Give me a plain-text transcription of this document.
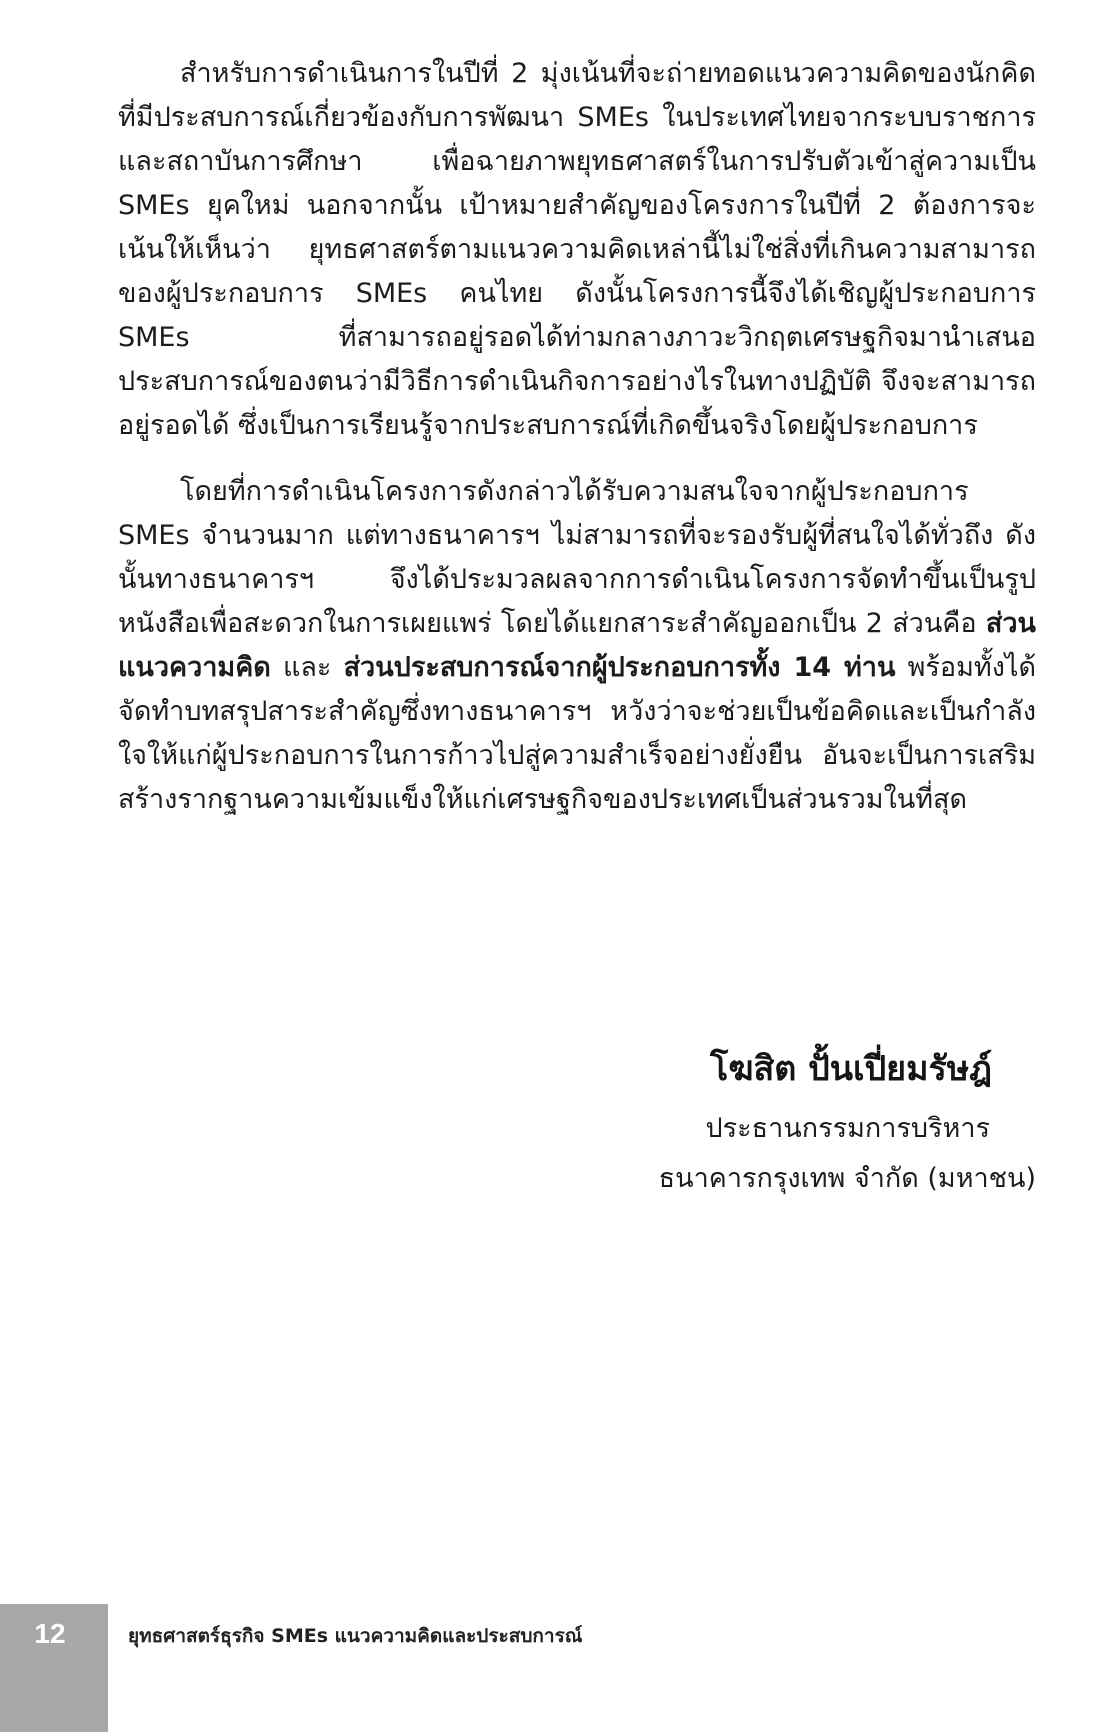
สำหรับการดำเนินการในปีที่ 2 มุ่งเน้นที่จะถ่ายทอดแนวความคิดของนักคิดที่มีประสบการณ์เกี่ยวข้องกับการพัฒนา SMEs ในประเทศไทยจากระบบราชการและสถาบันการศึกษา เพื่อฉายภาพยุทธศาสตร์ในการปรับตัวเข้าสู่ความเป็น SMEs ยุคใหม่ นอกจากนั้น เป้าหมายสำคัญของโครงการในปีที่ 2 ต้องการจะเน้นให้เห็นว่า ยุทธศาสตร์ตามแนวความคิดเหล่านี้ไม่ใช่สิ่งที่เกินความสามารถของผู้ประกอบการ SMEs คนไทย ดังนั้นโครงการนี้จึงได้เชิญผู้ประกอบการ SMEs ที่สามารถอยู่รอดได้ท่ามกลางภาวะวิกฤตเศรษฐกิจมานำเสนอประสบการณ์ของตนว่ามีวิธีการดำเนินกิจการอย่างไรในทางปฏิบัติ จึงจะสามารถอยู่รอดได้ ซึ่งเป็นการเรียนรู้จากประสบการณ์ที่เกิดขึ้นจริงโดยผู้ประกอบการ

โดยที่การดำเนินโครงการดังกล่าวได้รับความสนใจจากผู้ประกอบการ SMEs จำนวนมาก แต่ทางธนาคารฯ ไม่สามารถที่จะรองรับผู้ที่สนใจได้ทั่วถึง ดังนั้นทางธนาคารฯ จึงได้ประมวลผลจากการดำเนินโครงการจัดทำขึ้นเป็นรูปหนังสือเพื่อสะดวกในการเผยแพร่ โดยได้แยกสาระสำคัญออกเป็น 2 ส่วนคือ ส่วนแนวความคิด และ ส่วนประสบการณ์จากผู้ประกอบการทั้ง 14 ท่าน พร้อมทั้งได้จัดทำบทสรุปสาระสำคัญซึ่งทางธนาคารฯ หวังว่าจะช่วยเป็นข้อคิดและเป็นกำลังใจให้แก่ผู้ประกอบการในการก้าวไปสู่ความสำเร็จอย่างยั่งยืน อันจะเป็นการเสริมสร้างรากฐานความเข้มแข็งให้แก่เศรษฐกิจของประเทศเป็นส่วนรวมในที่สุด

โฆสิต ปั้นเปี่ยมรัษฎ์
ประธานกรรมการบริหาร
ธนาคารกรุงเทพ จำกัด (มหาชน)
12	ยุทธศาสตร์ธุรกิจ SMEs แนวความคิดและประสบการณ์
